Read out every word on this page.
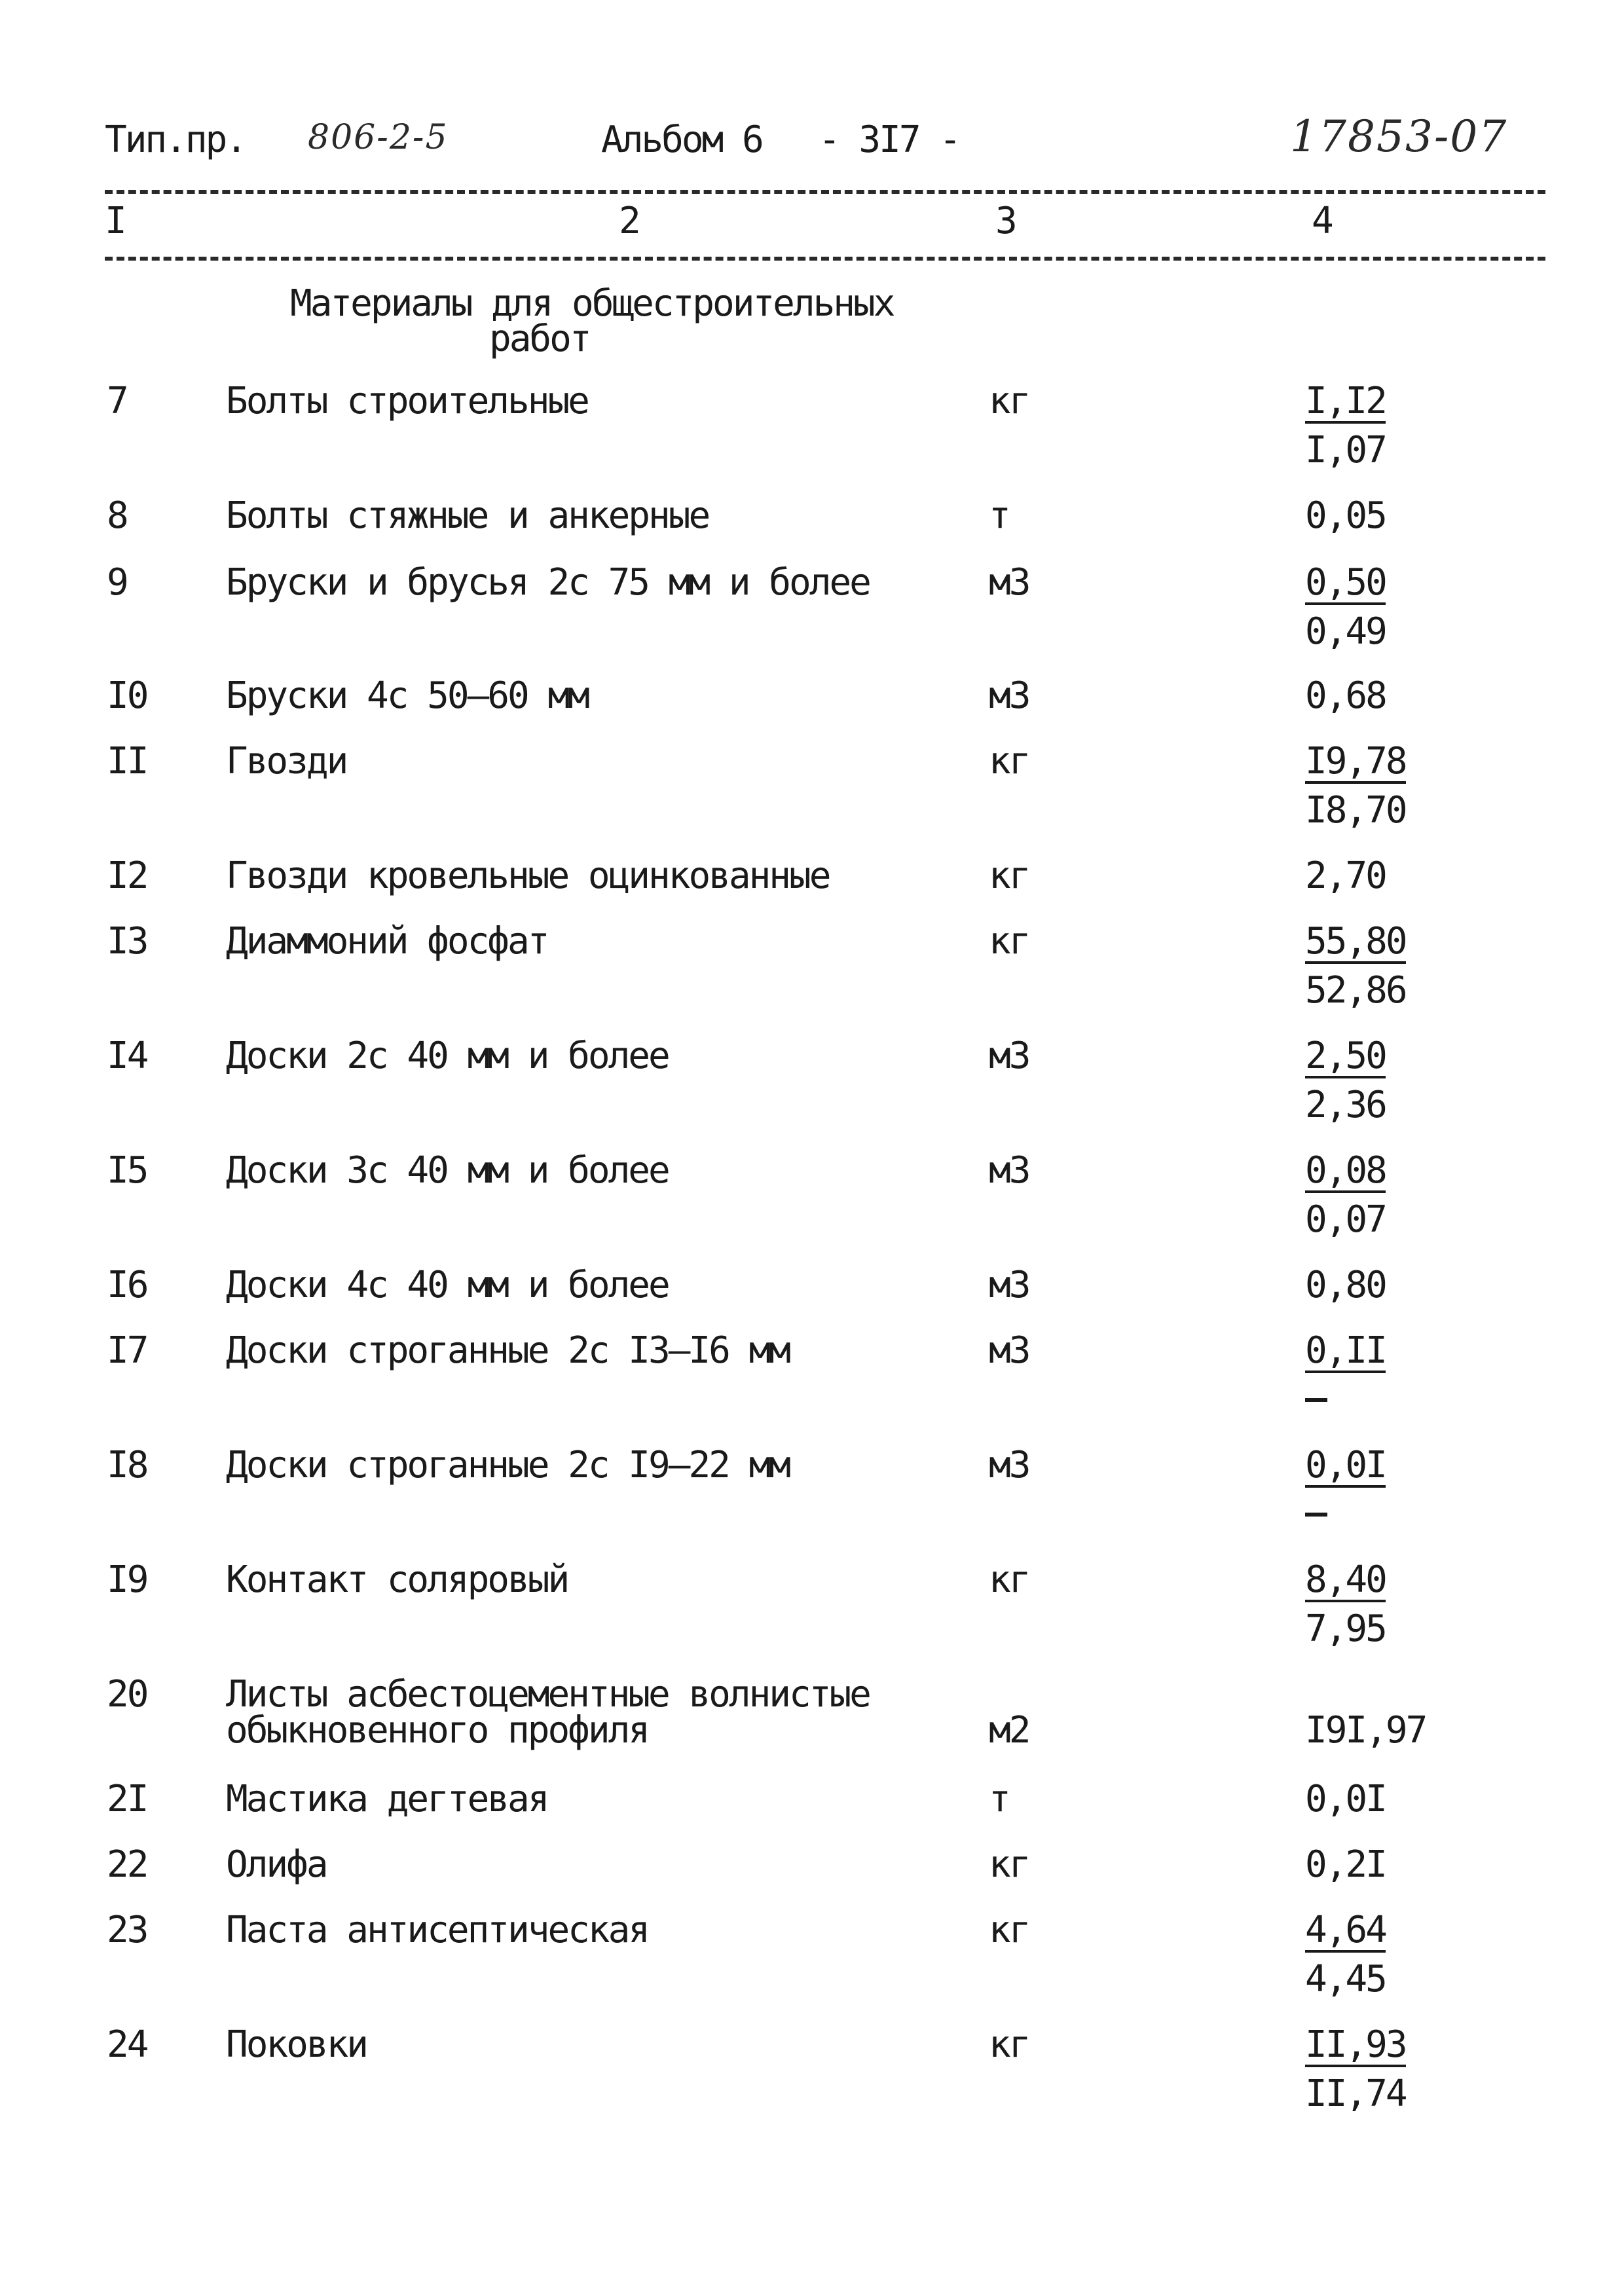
Тип.пр. 806-2-5	Альбом 6 - 3I7 -	17853-07
I	2	3	4
Материалы для общестроительных
работ
7	Болты строительные	кг	I,I2
I,07
8	Болты стяжные и анкерные	т	0,05
9	Бруски и брусья 2с 75 мм и более	м3	0,50
0,49
I0 Бруски 4с 50–60 мм	м3	0,68
II Гвозди	кг	I9,78
I8,70
I2 Гвозди кровельные оцинкованные	кг	2,70
I3 Диаммоний фосфат	кг	55,80
52,86
I4 Доски 2с 40 мм и более	м3	2,50
2,36
I5 Доски 3с 40 мм и более	м3	0,08
0,07
I6 Доски 4с 40 мм и более	м3	0,80
I7 Доски строганные 2с I3–I6 мм	м3	0,II
I8 Доски строганные 2с I9–22 мм	м3	0,0I
I9 Контакт соляровый	кг	8,40
7,95
20 Листы асбестоцементные волнистые
обыкновенного профиля	м2	I9I,97
2I Мастика дегтевая	т	0,0I
22 Олифа	кг	0,2I
23 Паста антисептическая	кг	4,64
4,45
24 Поковки	кг	II,93
II,74
